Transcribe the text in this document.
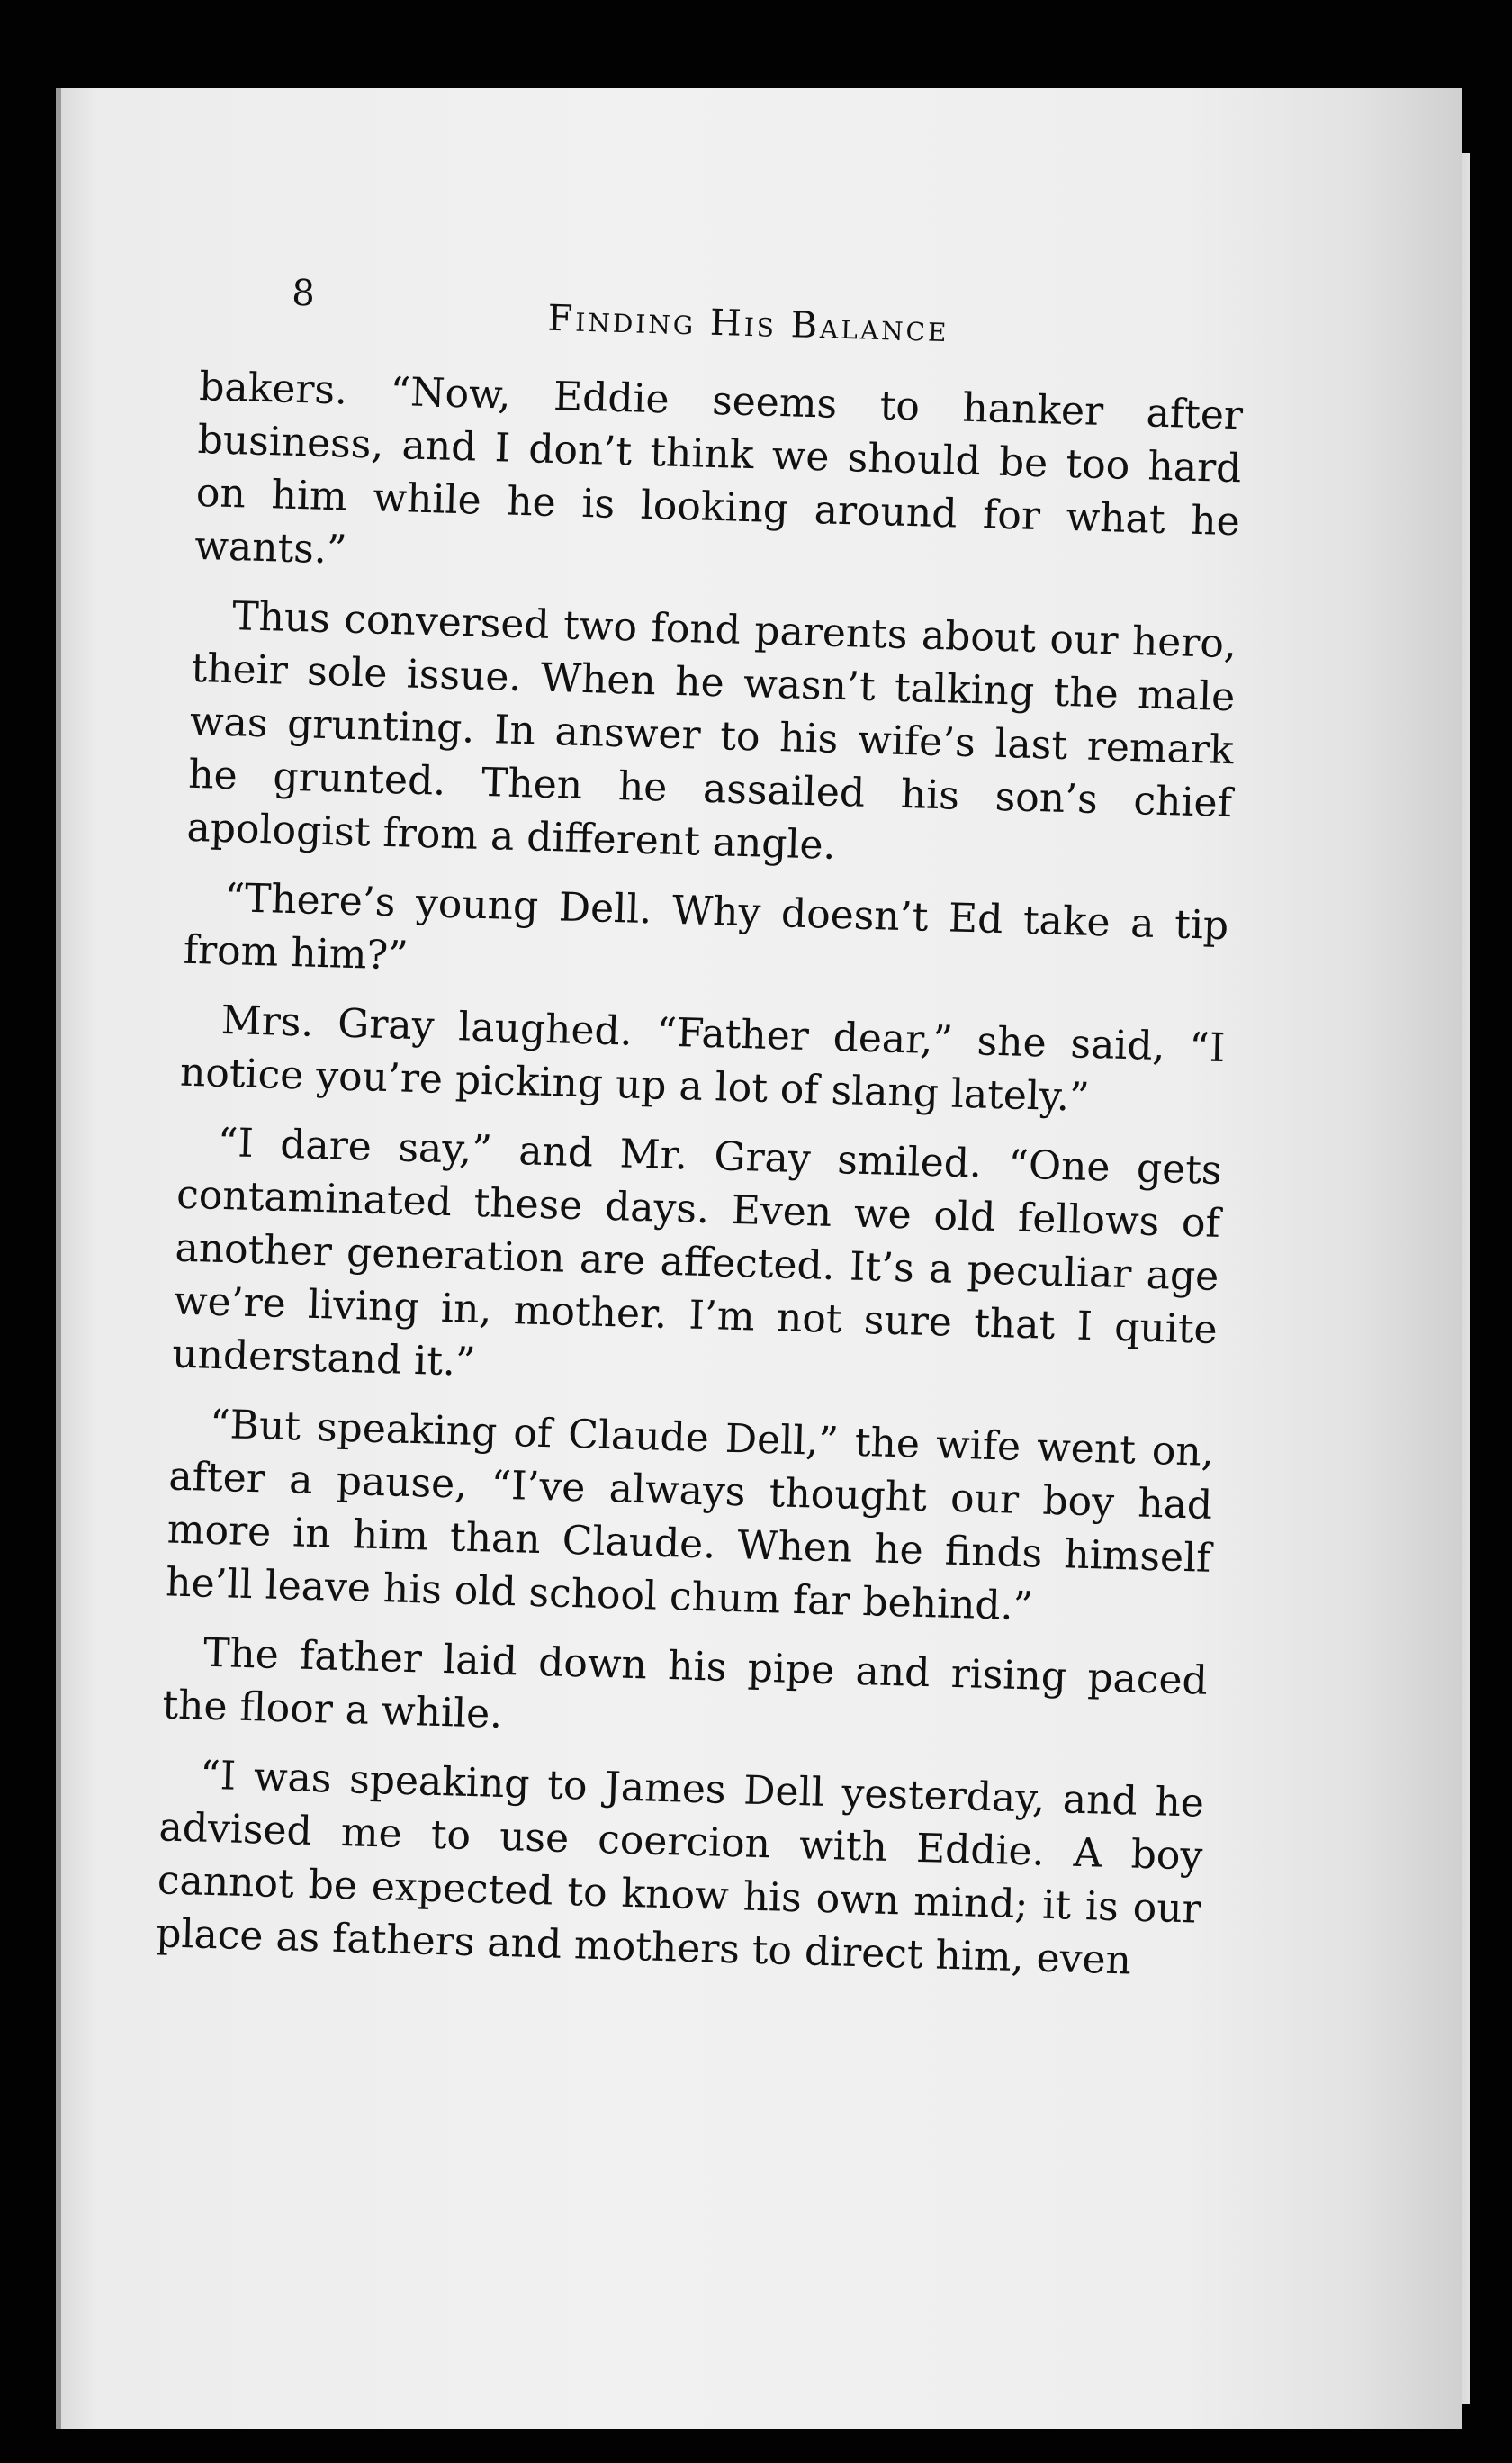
8
Finding His Balance

bakers. “Now, Eddie seems to hanker after business, and I don’t think we should be too hard on him while he is looking around for what he wants.”

Thus conversed two fond parents about our hero, their sole issue. When he wasn’t talking the male was grunting. In answer to his wife’s last remark he grunted. Then he assailed his son’s chief apologist from a different angle.

“There’s young Dell. Why doesn’t Ed take a tip from him?”

Mrs. Gray laughed. “Father dear,” she said, “I notice you’re picking up a lot of slang lately.”

“I dare say,” and Mr. Gray smiled. “One gets contaminated these days. Even we old fellows of another generation are affected. It’s a peculiar age we’re living in, mother. I’m not sure that I quite understand it.”

“But speaking of Claude Dell,” the wife went on, after a pause, “I’ve always thought our boy had more in him than Claude. When he finds himself he’ll leave his old school chum far behind.”

The father laid down his pipe and rising paced the floor a while.

“I was speaking to James Dell yesterday, and he advised me to use coercion with Eddie. A boy cannot be expected to know his own mind; it is our place as fathers and mothers to direct him, even
